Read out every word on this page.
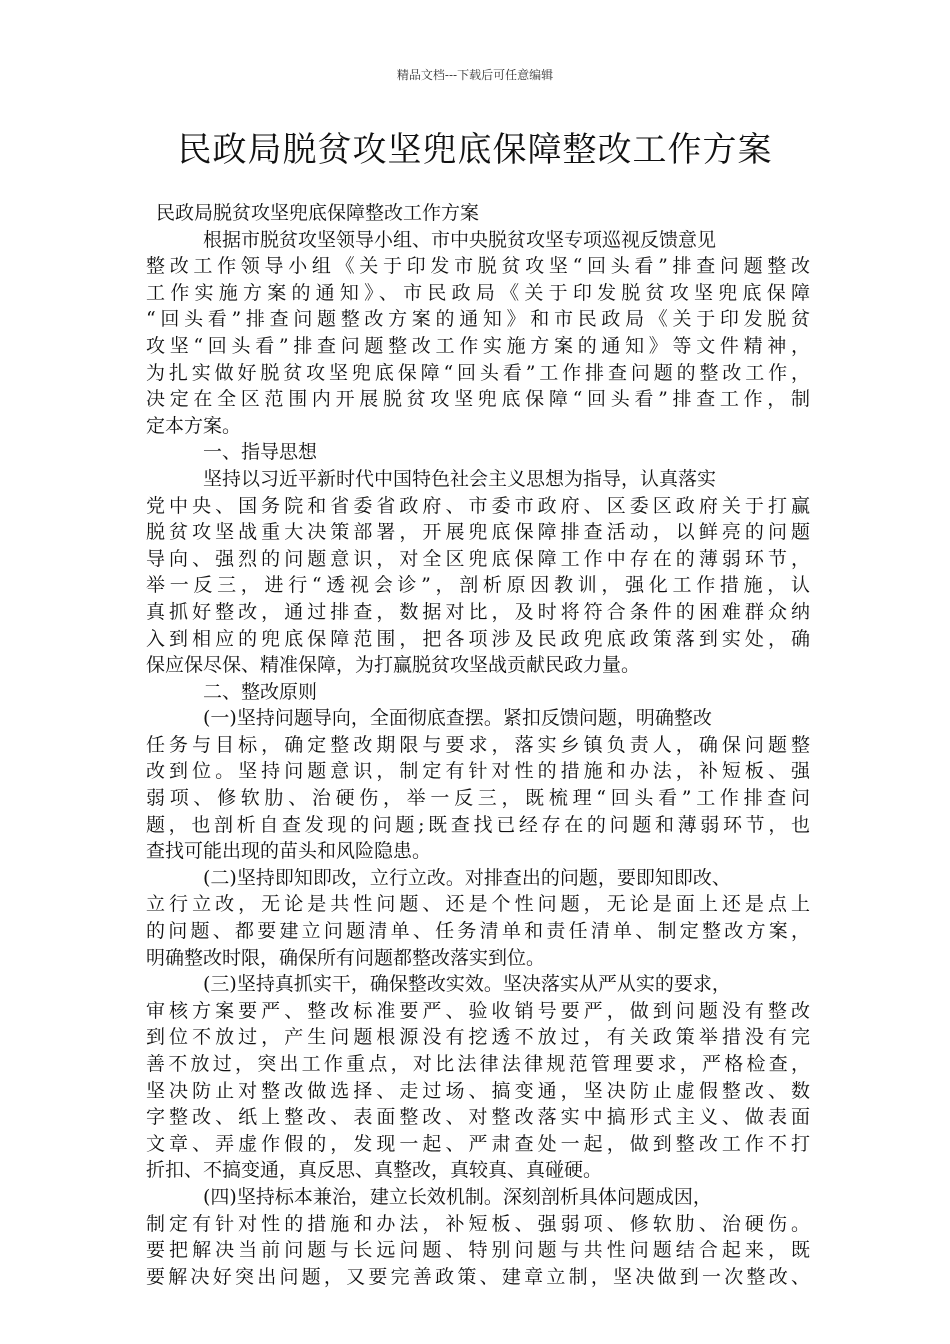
精品文档---下载后可任意编辑
民政局脱贫攻坚兜底保障整改工作方案
民政局脱贫攻坚兜底保障整改工作方案
根据市脱贫攻坚领导小组、市中央脱贫攻坚专项巡视反馈意见
整改工作领导小组《关于印发市脱贫攻坚“回头看”排查问题整改
工作实施方案的通知》、市民政局《关于印发脱贫攻坚兜底保障
“回头看”排查问题整改方案的通知》和市民政局《关于印发脱贫
攻坚“回头看”排查问题整改工作实施方案的通知》等文件精神，
为扎实做好脱贫攻坚兜底保障“回头看”工作排查问题的整改工作，
决定在全区范围内开展脱贫攻坚兜底保障“回头看”排查工作，制
定本方案。
一、指导思想
坚持以习近平新时代中国特色社会主义思想为指导，认真落实
党中央、国务院和省委省政府、市委市政府、区委区政府关于打赢
脱贫攻坚战重大决策部署，开展兜底保障排查活动，以鲜亮的问题
导向、强烈的问题意识，对全区兜底保障工作中存在的薄弱环节，
举一反三，进行“透视会诊”，剖析原因教训，强化工作措施，认
真抓好整改，通过排查，数据对比，及时将符合条件的困难群众纳
入到相应的兜底保障范围，把各项涉及民政兜底政策落到实处，确
保应保尽保、精准保障，为打赢脱贫攻坚战贡献民政力量。
二、整改原则
(一)坚持问题导向，全面彻底查摆。紧扣反馈问题，明确整改
任务与目标，确定整改期限与要求，落实乡镇负责人，确保问题整
改到位。坚持问题意识，制定有针对性的措施和办法，补短板、强
弱项、修软肋、治硬伤，举一反三，既梳理“回头看”工作排查问
题，也剖析自查发现的问题;既查找已经存在的问题和薄弱环节，也
查找可能出现的苗头和风险隐患。
(二)坚持即知即改，立行立改。对排查出的问题，要即知即改、
立行立改，无论是共性问题、还是个性问题，无论是面上还是点上
的问题、都要建立问题清单、任务清单和责任清单、制定整改方案，
明确整改时限，确保所有问题都整改落实到位。
(三)坚持真抓实干，确保整改实效。坚决落实从严从实的要求，
审核方案要严、整改标准要严、验收销号要严，做到问题没有整改
到位不放过，产生问题根源没有挖透不放过，有关政策举措没有完
善不放过，突出工作重点，对比法律法律规范管理要求，严格检查，
坚决防止对整改做选择、走过场、搞变通，坚决防止虚假整改、数
字整改、纸上整改、表面整改、对整改落实中搞形式主义、做表面
文章、弄虚作假的，发现一起、严肃查处一起，做到整改工作不打
折扣、不搞变通，真反思、真整改，真较真、真碰硬。
(四)坚持标本兼治，建立长效机制。深刻剖析具体问题成因，
制定有针对性的措施和办法，补短板、强弱项、修软肋、治硬伤。
要把解决当前问题与长远问题、特别问题与共性问题结合起来，既
要解决好突出问题，又要完善政策、建章立制，坚决做到一次整改、
